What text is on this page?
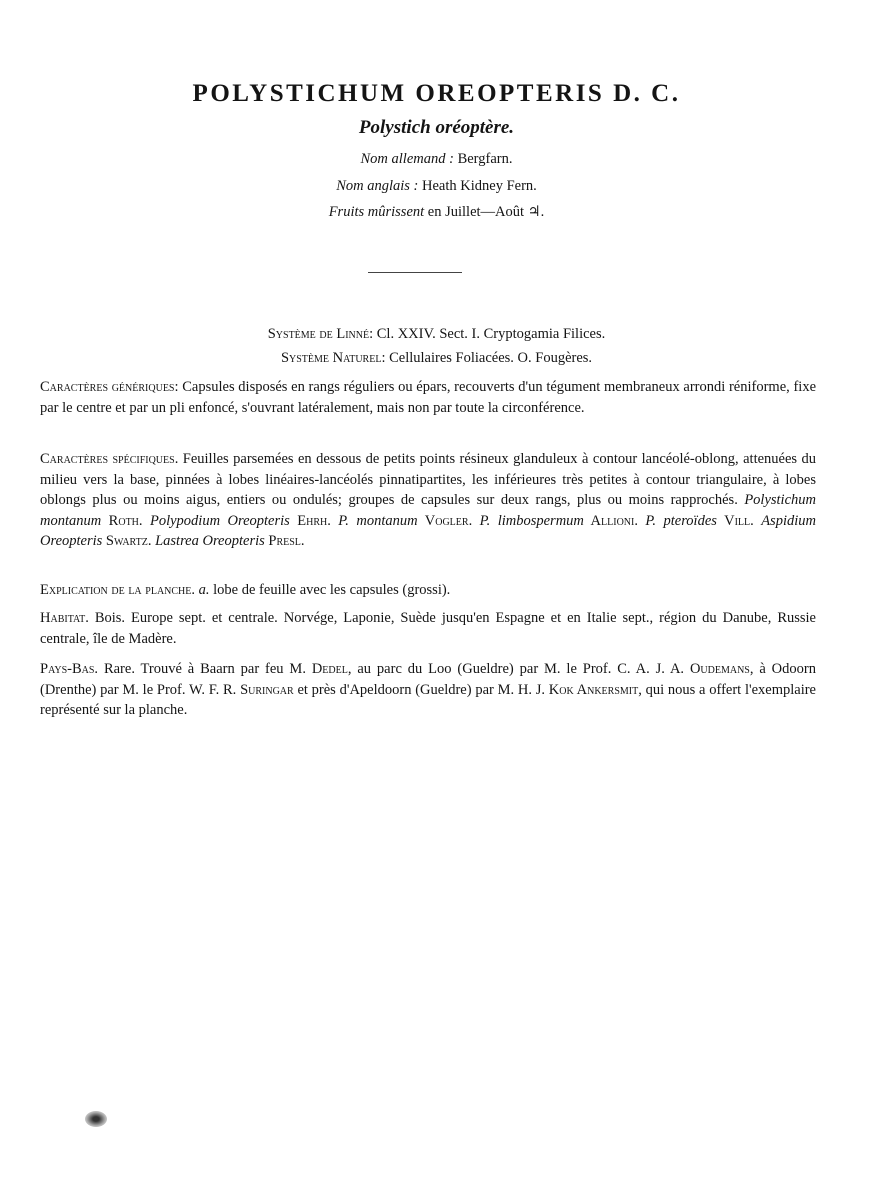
POLYSTICHUM OREOPTERIS D. C.
Polystich oréoptère.
Nom allemand : Bergfarn.
Nom anglais : Heath Kidney Fern.
Fruits mûrissent en Juillet—Août ♃.
Système de Linné: Cl. XXIV. Sect. I. Cryptogamia Filices.
Système Naturel: Cellulaires Foliacées. O. Fougères.
Caractères génériques: Capsules disposés en rangs réguliers ou épars, recouverts d'un tégument membraneux arrondi réniforme, fixe par le centre et par un pli enfoncé, s'ouvrant latéralement, mais non par toute la circonférence.
Caractères spécifiques. Feuilles parsemées en dessous de petits points résineux glanduleux à contour lancéolé-oblong, attenuées du milieu vers la base, pinnées à lobes linéaires-lancéolés pinnatipartites, les inférieures très petites à contour triangulaire, à lobes oblongs plus ou moins aigus, entiers ou ondulés; groupes de capsules sur deux rangs, plus ou moins rapprochés. Polystichum montanum Roth. Polypodium Oreopteris Ehrh. P. montanum Vogler. P. limbospermum Allioni. P. pteroïdes Vill. Aspidium Oreopteris Swartz. Lastrea Oreopteris Presl.
Explication de la planche. a. lobe de feuille avec les capsules (grossi).
Habitat. Bois. Europe sept. et centrale. Norvége, Laponie, Suède jusqu'en Espagne et en Italie sept., région du Danube, Russie centrale, île de Madère.
Pays-Bas. Rare. Trouvé à Baarn par feu M. Dedel, au parc du Loo (Gueldre) par M. le Prof. C. A. J. A. Oudemans, à Odoorn (Drenthe) par M. le Prof. W. F. R. Suringar et près d'Apeldoorn (Gueldre) par M. H. J. Kok Ankersmit, qui nous a offert l'exemplaire représenté sur la planche.
